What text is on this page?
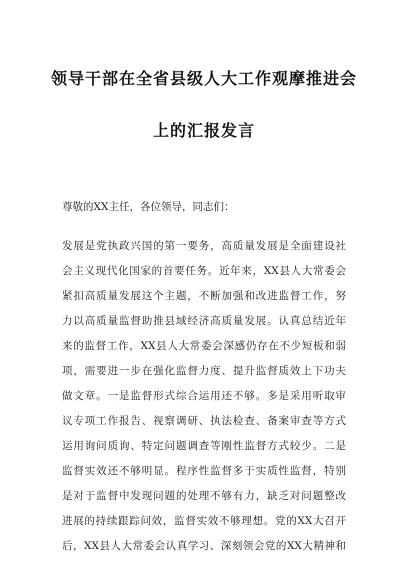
领导干部在全省县级人大工作观摩推进会
上的汇报发言
尊敬的XX主任，各位领导，同志们：
发展是党执政兴国的第一要务，高质量发展是全面建设社
会主义现代化国家的首要任务。近年来，XX县人大常委会
紧扣高质量发展这个主题，不断加强和改进监督工作，努
力以高质量监督助推县域经济高质量发展。认真总结近年
来的监督工作，XX县人大常委会深感仍存在不少短板和弱
项，需要进一步在强化监督力度、提升监督质效上下功夫
做文章。一是监督形式综合运用还不够。多是采用听取审
议专项工作报告、视察调研、执法检查、备案审查等方式
运用询问质询、特定问题调查等刚性监督方式较少。二是
监督实效还不够明显。程序性监督多于实质性监督，特别
是对于监督中发现问题的处理不够有力，缺乏对问题整改
进展的持续跟踪问效，监督实效不够理想。党的XX大召开
后，XX县人大常委会认真学习、深刻领会党的XX大精神和
